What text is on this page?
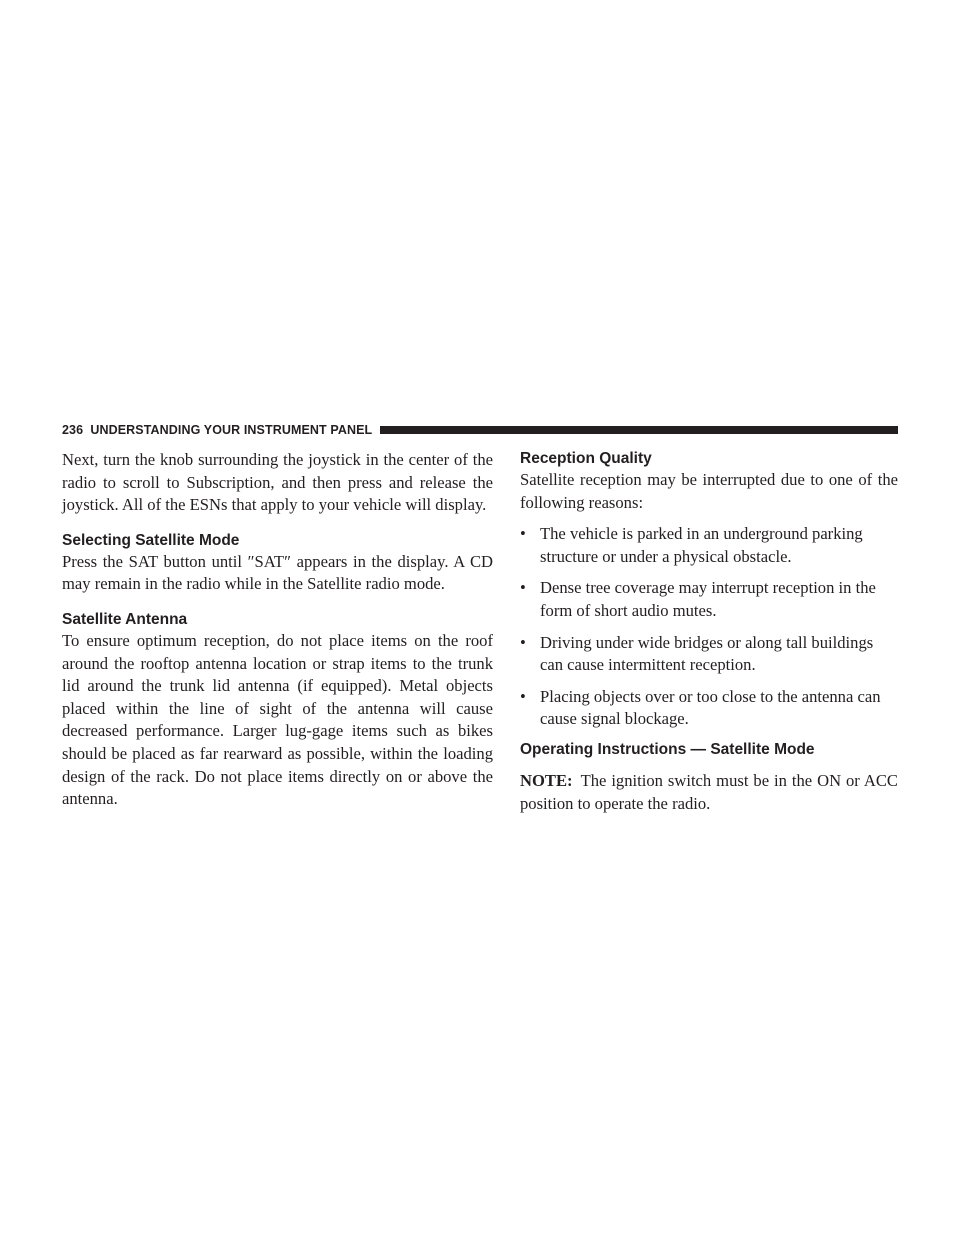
236 UNDERSTANDING YOUR INSTRUMENT PANEL

Next, turn the knob surrounding the joystick in the center of the radio to scroll to Subscription, and then press and release the joystick. All of the ESNs that apply to your vehicle will display.

Selecting Satellite Mode

Press the SAT button until ″SAT″ appears in the display. A CD may remain in the radio while in the Satellite radio mode.

Satellite Antenna

To ensure optimum reception, do not place items on the roof around the rooftop antenna location or strap items to the trunk lid around the trunk lid antenna (if equipped). Metal objects placed within the line of sight of the antenna will cause decreased performance. Larger lug-gage items such as bikes should be placed as far rearward as possible, within the loading design of the rack. Do not place items directly on or above the antenna.

Reception Quality

Satellite reception may be interrupted due to one of the following reasons:

• The vehicle is parked in an underground parking structure or under a physical obstacle.
• Dense tree coverage may interrupt reception in the form of short audio mutes.
• Driving under wide bridges or along tall buildings can cause intermittent reception.
• Placing objects over or too close to the antenna can cause signal blockage.
Operating Instructions — Satellite Mode

NOTE: The ignition switch must be in the ON or ACC position to operate the radio.
